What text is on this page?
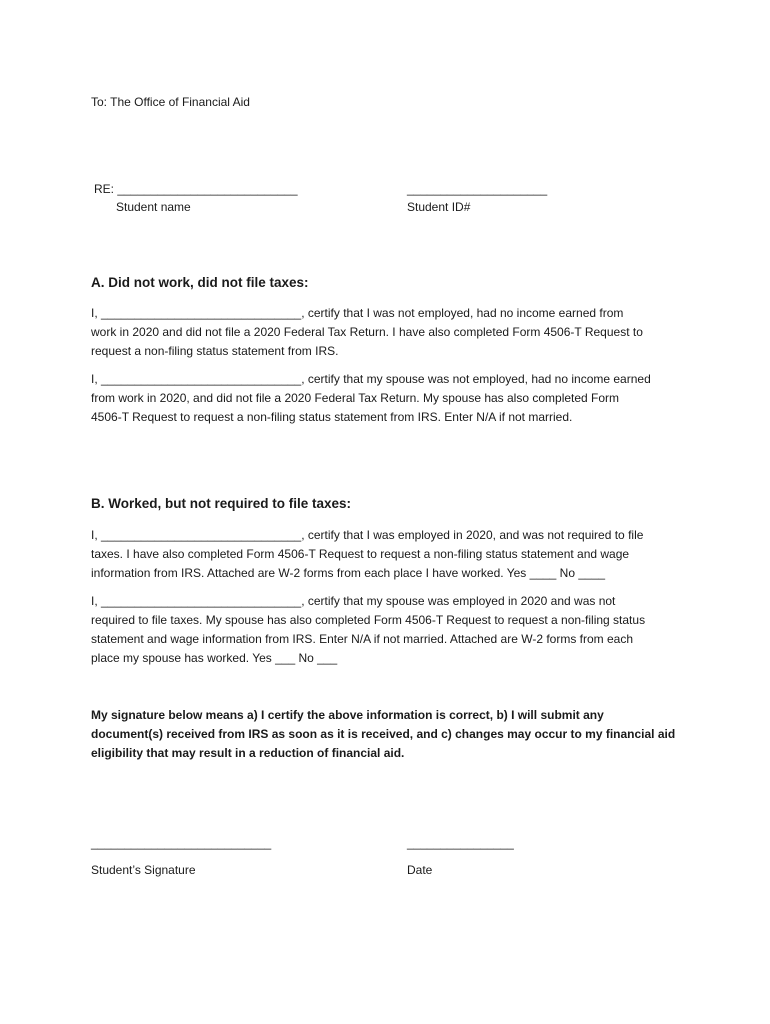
To: The Office of Financial Aid
RE: ___________________________	_____________________
Student name	Student ID#
A. Did not work, did not file taxes:
I, ______________________________, certify that I was not employed, had no income earned from
work in 2020 and did not file a 2020 Federal Tax Return. I have also completed Form 4506-T Request to
request a non-filing status statement from IRS.
I, ______________________________, certify that my spouse was not employed, had no income earned
from work in 2020, and did not file a 2020 Federal Tax Return. My spouse has also completed Form
4506-T Request to request a non-filing status statement from IRS. Enter N/A if not married.
B. Worked, but not required to file taxes:
I, ______________________________, certify that I was employed in 2020, and was not required to file
taxes. I have also completed Form 4506-T Request to request a non-filing status statement and wage
information from IRS. Attached are W-2 forms from each place I have worked. Yes ____ No ____
I, ______________________________, certify that my spouse was employed in 2020 and was not
required to file taxes. My spouse has also completed Form 4506-T Request to request a non-filing status
statement and wage information from IRS. Enter N/A if not married. Attached are W-2 forms from each
place my spouse has worked. Yes ___ No ___
My signature below means a) I certify the above information is correct, b) I will submit any
document(s) received from IRS as soon as it is received, and c) changes may occur to my financial aid
eligibility that may result in a reduction of financial aid.
___________________________	________________
Student’s Signature	Date
